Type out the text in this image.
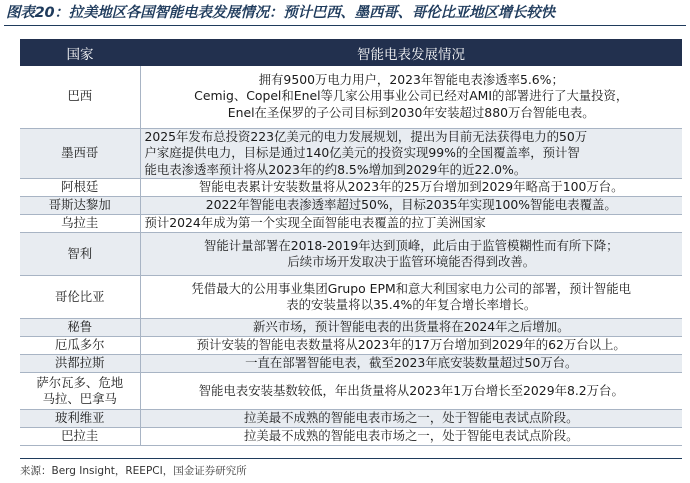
图表20：拉美地区各国智能电表发展情况：预计巴西、墨西哥、哥伦比亚地区增长较快
国家	智能电表发展情况

巴西	拥有9500万电力用户，2023年智能电表渗透率5.6%；
Cemig、Copel和Enel等几家公用事业公司已经对AMI的部署进行了大量投资，
Enel在圣保罗的子公司目标到2030年安装超过880万台智能电表。

墨西哥	2025年发布总投资223亿美元的电力发展规划，提出为目前无法获得电力的50万
户家庭提供电力，目标是通过140亿美元的投资实现99%的全国覆盖率，预计智
能电表渗透率预计将从2023年的约8.5%增加到2029年的近22.0%。

阿根廷	智能电表累计安装数量将从2023年的25万台增加到2029年略高于100万台。

哥斯达黎加	2022年智能电表渗透率超过50%，目标2035年实现100%智能电表覆盖。

乌拉圭	预计2024年成为第一个实现全面智能电表覆盖的拉丁美洲国家

智利	智能计量部署在2018-2019年达到顶峰，此后由于监管模糊性而有所下降；
后续市场开发取决于监管环境能否得到改善。

哥伦比亚	凭借最大的公用事业集团Grupo EPM和意大利国家电力公司的部署，预计智能电
表的安装量将以35.4%的年复合增长率增长。

秘鲁	新兴市场，预计智能电表的出货量将在2024年之后增加。

厄瓜多尔	预计安装的智能电表数量将从2023年的17万台增加到2029年的62万台以上。

洪都拉斯	一直在部署智能电表，截至2023年底安装数量超过50万台。

萨尔瓦多、危地
马拉、巴拿马	智能电表安装基数较低，年出货量将从2023年1万台增长至2029年8.2万台。

玻利维亚	拉美最不成熟的智能电表市场之一，处于智能电表试点阶段。

巴拉圭	拉美最不成熟的智能电表市场之一，处于智能电表试点阶段。
来源：Berg Insight，REEPCI，国金证券研究所
